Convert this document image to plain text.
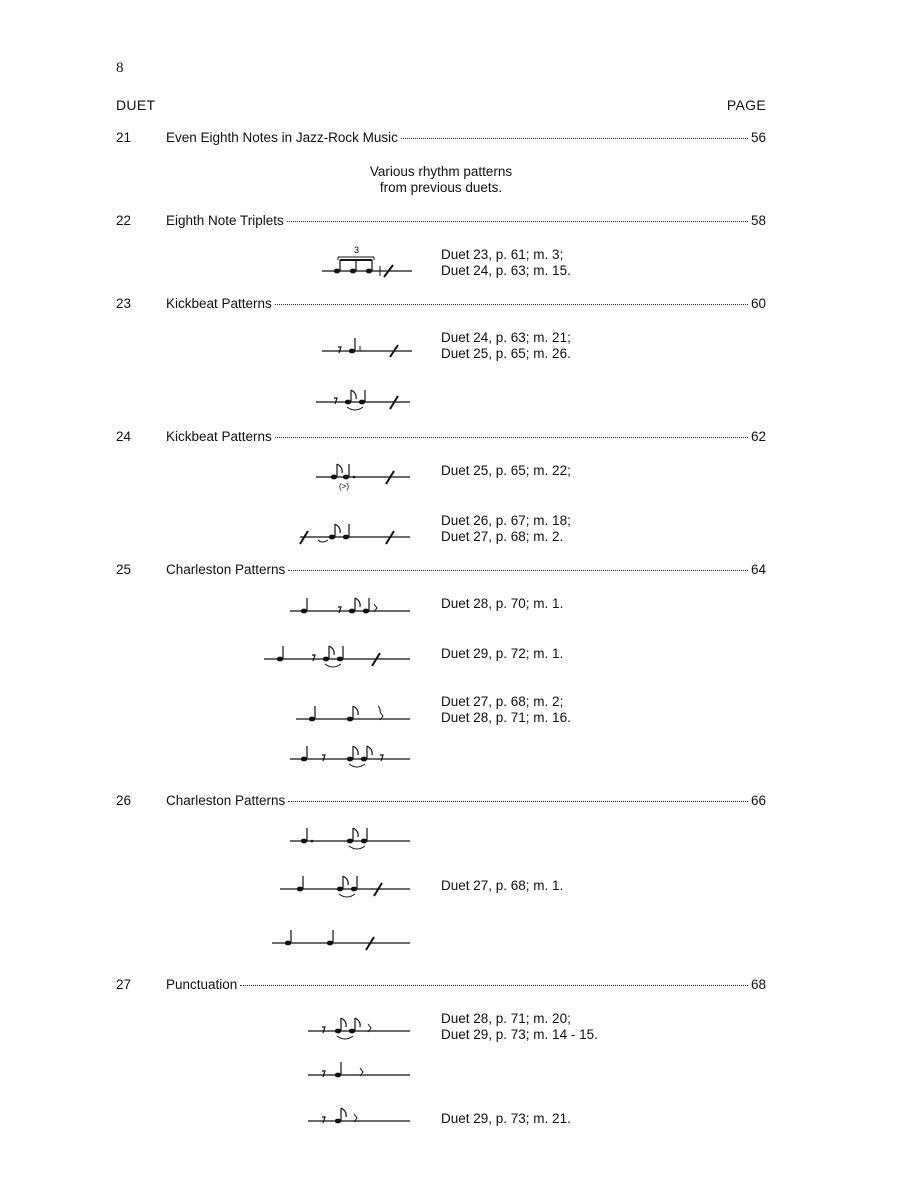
8
DUET	PAGE
21	Even Eighth Notes in Jazz-Rock Music	56
Various rhythm patterns
from previous duets.
22	Eighth Note Triplets	58
3	Duet 23, p. 61; m. 3;
Duet 24, p. 63; m. 15.
23	Kickbeat Patterns	60
Duet 24, p. 63; m. 21;
Duet 25, p. 65; m. 26.
24	Kickbeat Patterns	62
(>)
Duet 25, p. 65; m. 22;
Duet 26, p. 67; m. 18;
Duet 27, p. 68; m. 2.
25	Charleston Patterns	64
Duet 28, p. 70; m. 1.
Duet 29, p. 72; m. 1.
Duet 27, p. 68; m. 2;
Duet 28, p. 71; m. 16.
26	Charleston Patterns	66
Duet 27, p. 68; m. 1.
27	Punctuation	68
Duet 28, p. 71; m. 20;
Duet 29, p. 73; m. 14 - 15.
Duet 29, p. 73; m. 21.
